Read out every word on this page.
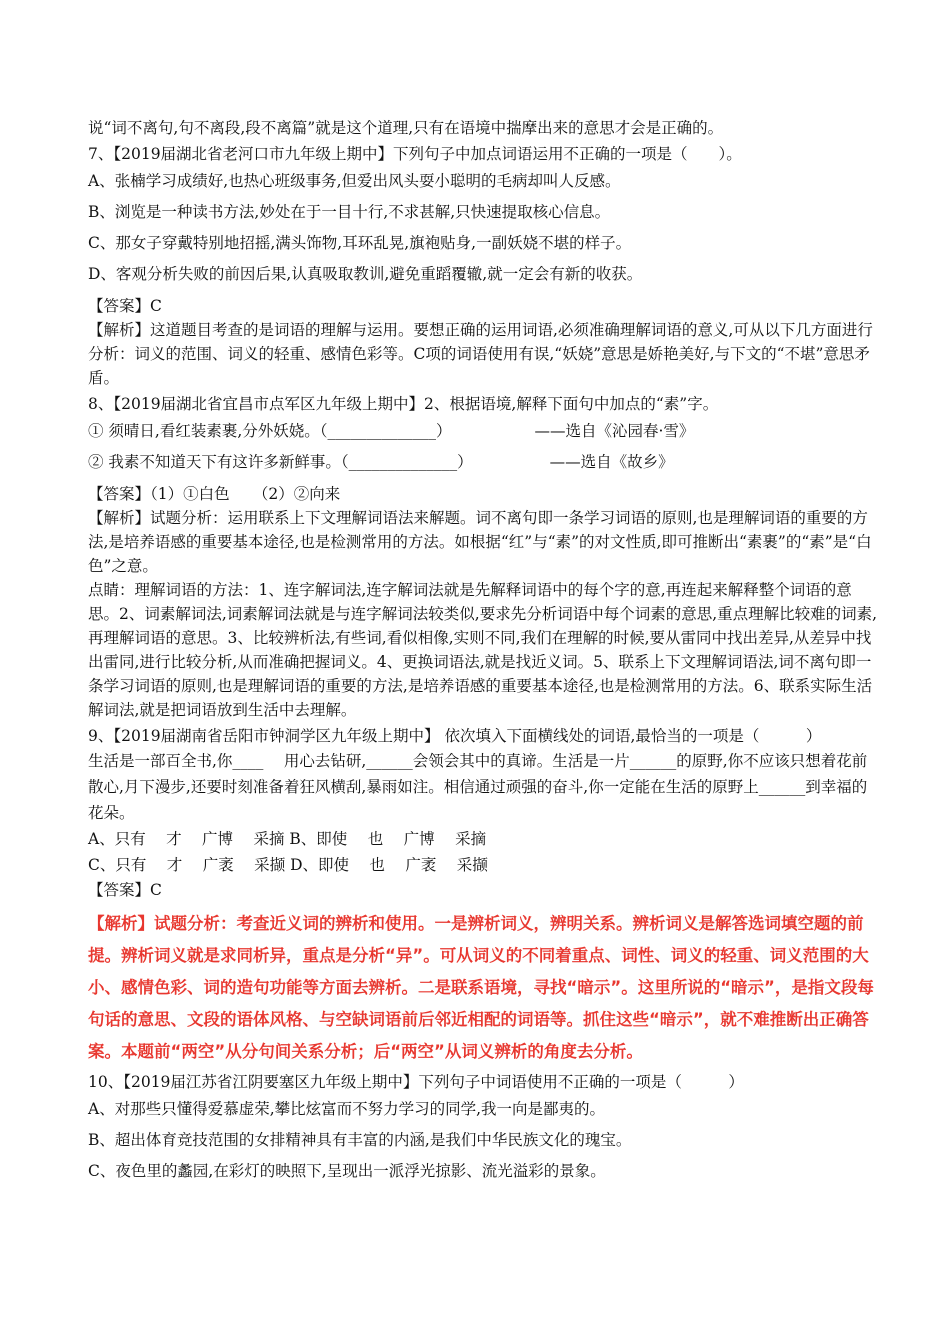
说“词不离句,句不离段,段不离篇”就是这个道理,只有在语境中揣摩出来的意思才会是正确的。

7、【2019届湖北省老河口市九年级上期中】下列句子中加点词语运用不正确的一项是（　　）。

A、张楠学习成绩好,也热心班级事务,但爱出风头耍小聪明的毛病却叫人反感。

B、浏览是一种读书方法,妙处在于一目十行,不求甚解,只快速提取核心信息。

C、那女子穿戴特别地招摇,满头饰物,耳环乱晃,旗袍贴身,一副妖娆不堪的样子。

D、客观分析失败的前因后果,认真吸取教训,避免重蹈覆辙,就一定会有新的收获。

【答案】C

【解析】这道题目考查的是词语的理解与运用。要想正确的运用词语,必须准确理解词语的意义,可从以下几方面进行分析：词义的范围、词义的轻重、感情色彩等。C项的词语使用有误,“妖娆”意思是娇艳美好,与下文的“不堪”意思矛盾。

8、【2019届湖北省宜昌市点军区九年级上期中】2、根据语境,解释下面句中加点的“素”字。

① 须晴日,看红装素裹,分外妖娆。（______________）	——选自《沁园春·雪》

② 我素不知道天下有这许多新鲜事。（______________）	——选自《故乡》

【答案】（1）①白色　　（2）②向来

【解析】试题分析：运用联系上下文理解词语法来解题。词不离句即一条学习词语的原则,也是理解词语的重要的方法,是培养语感的重要基本途径,也是检测常用的方法。如根据“红”与“素”的对文性质,即可推断出“素裹”的“素”是“白色”之意。

点睛：理解词语的方法：1、连字解词法,连字解词法就是先解释词语中的每个字的意,再连起来解释整个词语的意思。2、词素解词法,词素解词法就是与连字解词法较类似,要求先分析词语中每个词素的意思,重点理解比较难的词素,再理解词语的意思。3、比较辨析法,有些词,看似相像,实则不同,我们在理解的时候,要从雷同中找出差异,从差异中找出雷同,进行比较分析,从而准确把握词义。4、更换词语法,就是找近义词。5、联系上下文理解词语法,词不离句即一条学习词语的原则,也是理解词语的重要的方法,是培养语感的重要基本途径,也是检测常用的方法。6、联系实际生活解词法,就是把词语放到生活中去理解。

9、【2019届湖南省岳阳市钟洞学区九年级上期中】 依次填入下面横线处的词语,最恰当的一项是（　　　）

生活是一部百全书,你____ 　用心去钻研,______会领会其中的真谛。生活是一片______的原野,你不应该只想着花前散心,月下漫步,还要时刻准备着狂风横刮,暴雨如注。相信通过顽强的奋斗,你一定能在生活的原野上______到幸福的花朵。

A、只有　 才　 广博　 采摘 B、即使　 也　 广博　 采摘

C、只有　 才　 广袤　 采撷 D、即使　 也　 广袤　 采撷

【答案】C

【解析】试题分析：考查近义词的辨析和使用。一是辨析词义，辨明关系。辨析词义是解答选词填空题的前提。辨析词义就是求同析异，重点是分析“异”。可从词义的不同着重点、词性、词义的轻重、词义范围的大小、感情色彩、词的造句功能等方面去辨析。二是联系语境，寻找“暗示”。这里所说的“暗示”，是指文段每句话的意思、文段的语体风格、与空缺词语前后邻近相配的词语等。抓住这些“暗示”，就不难推断出正确答案。本题前“两空”从分句间关系分析；后“两空”从词义辨析的角度去分析。

10、【2019届江苏省江阴要塞区九年级上期中】下列句子中词语使用不正确的一项是（　　　）

A、对那些只懂得爱慕虚荣,攀比炫富而不努力学习的同学,我一向是鄙夷的。

B、超出体育竞技范围的女排精神具有丰富的内涵,是我们中华民族文化的瑰宝。

C、夜色里的蠡园,在彩灯的映照下,呈现出一派浮光掠影、流光溢彩的景象。
